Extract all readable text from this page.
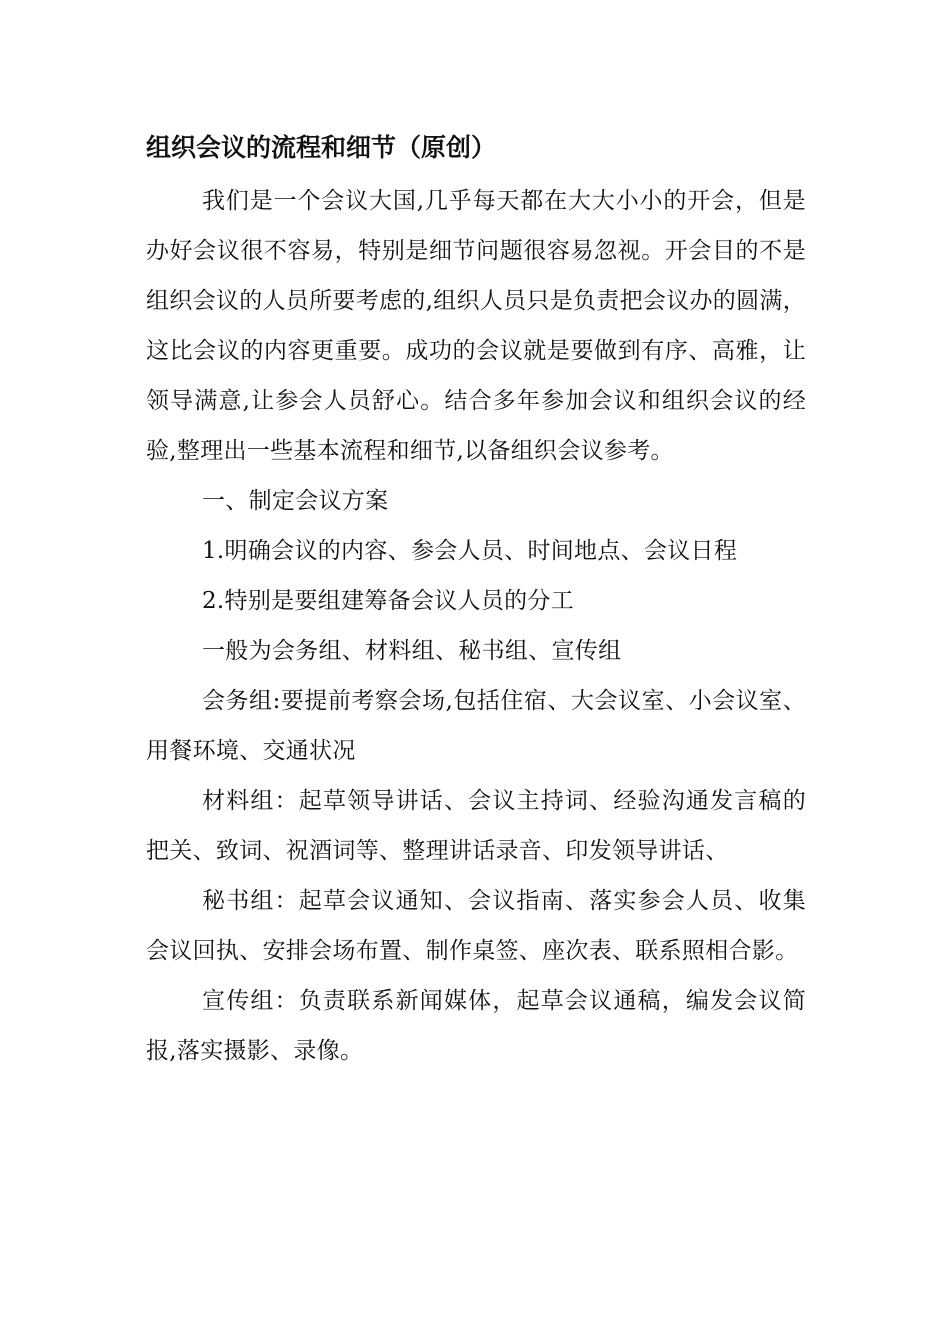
组织会议的流程和细节（原创）

我们是一个会议大国,几乎每天都在大大小小的开会，但是办好会议很不容易，特别是细节问题很容易忽视。开会目的不是组织会议的人员所要考虑的,组织人员只是负责把会议办的圆满，这比会议的内容更重要。成功的会议就是要做到有序、高雅，让领导满意,让参会人员舒心。结合多年参加会议和组织会议的经验,整理出一些基本流程和细节,以备组织会议参考。

一、制定会议方案

1.明确会议的内容、参会人员、时间地点、会议日程

2.特别是要组建筹备会议人员的分工

一般为会务组、材料组、秘书组、宣传组

会务组:要提前考察会场,包括住宿、大会议室、小会议室、用餐环境、交通状况

材料组：起草领导讲话、会议主持词、经验沟通发言稿的把关、致词、祝酒词等、整理讲话录音、印发领导讲话、

秘书组：起草会议通知、会议指南、落实参会人员、收集会议回执、安排会场布置、制作桌签、座次表、联系照相合影。

宣传组：负责联系新闻媒体，起草会议通稿，编发会议简报,落实摄影、录像。
